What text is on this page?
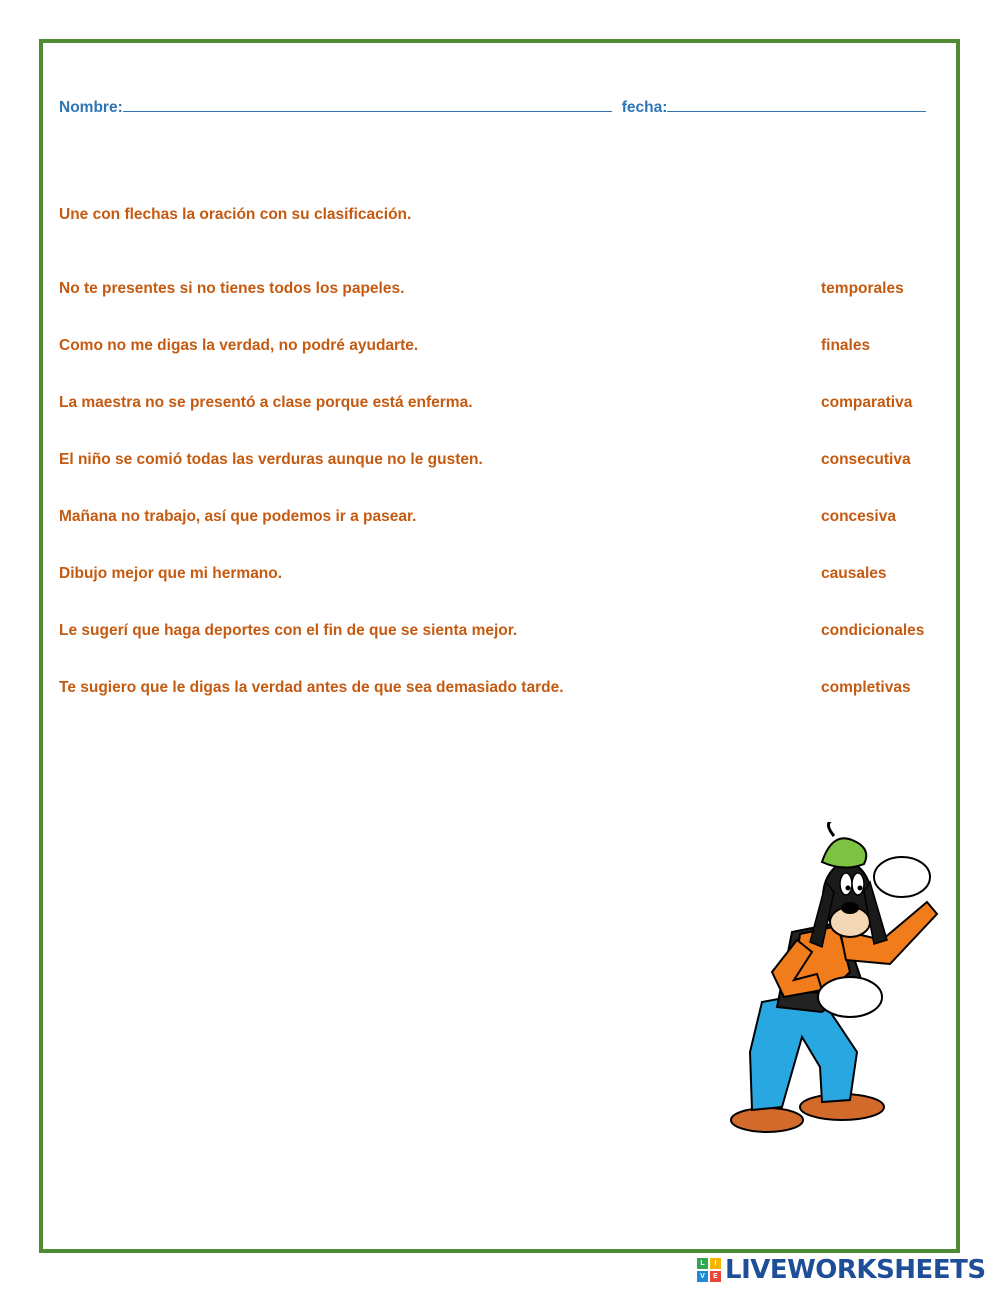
Nombre:	fecha:
Une con flechas la oración con su clasificación.
No te presentes si no tienes todos los papeles.	temporales
Como no me digas la verdad, no podré ayudarte.	finales
La maestra no se presentó a clase porque está enferma.	comparativa
El niño se comió todas las verduras aunque no le gusten.	consecutiva
Mañana no trabajo, así que podemos ir a pasear.	concesiva
Dibujo mejor que mi hermano.	causales
Le sugerí que haga deportes con el fin de que se sienta mejor.	condicionales
Te sugiero que le digas la verdad antes de que sea demasiado tarde.	completivas
L	I
V	E LIVEWORKSHEETS
